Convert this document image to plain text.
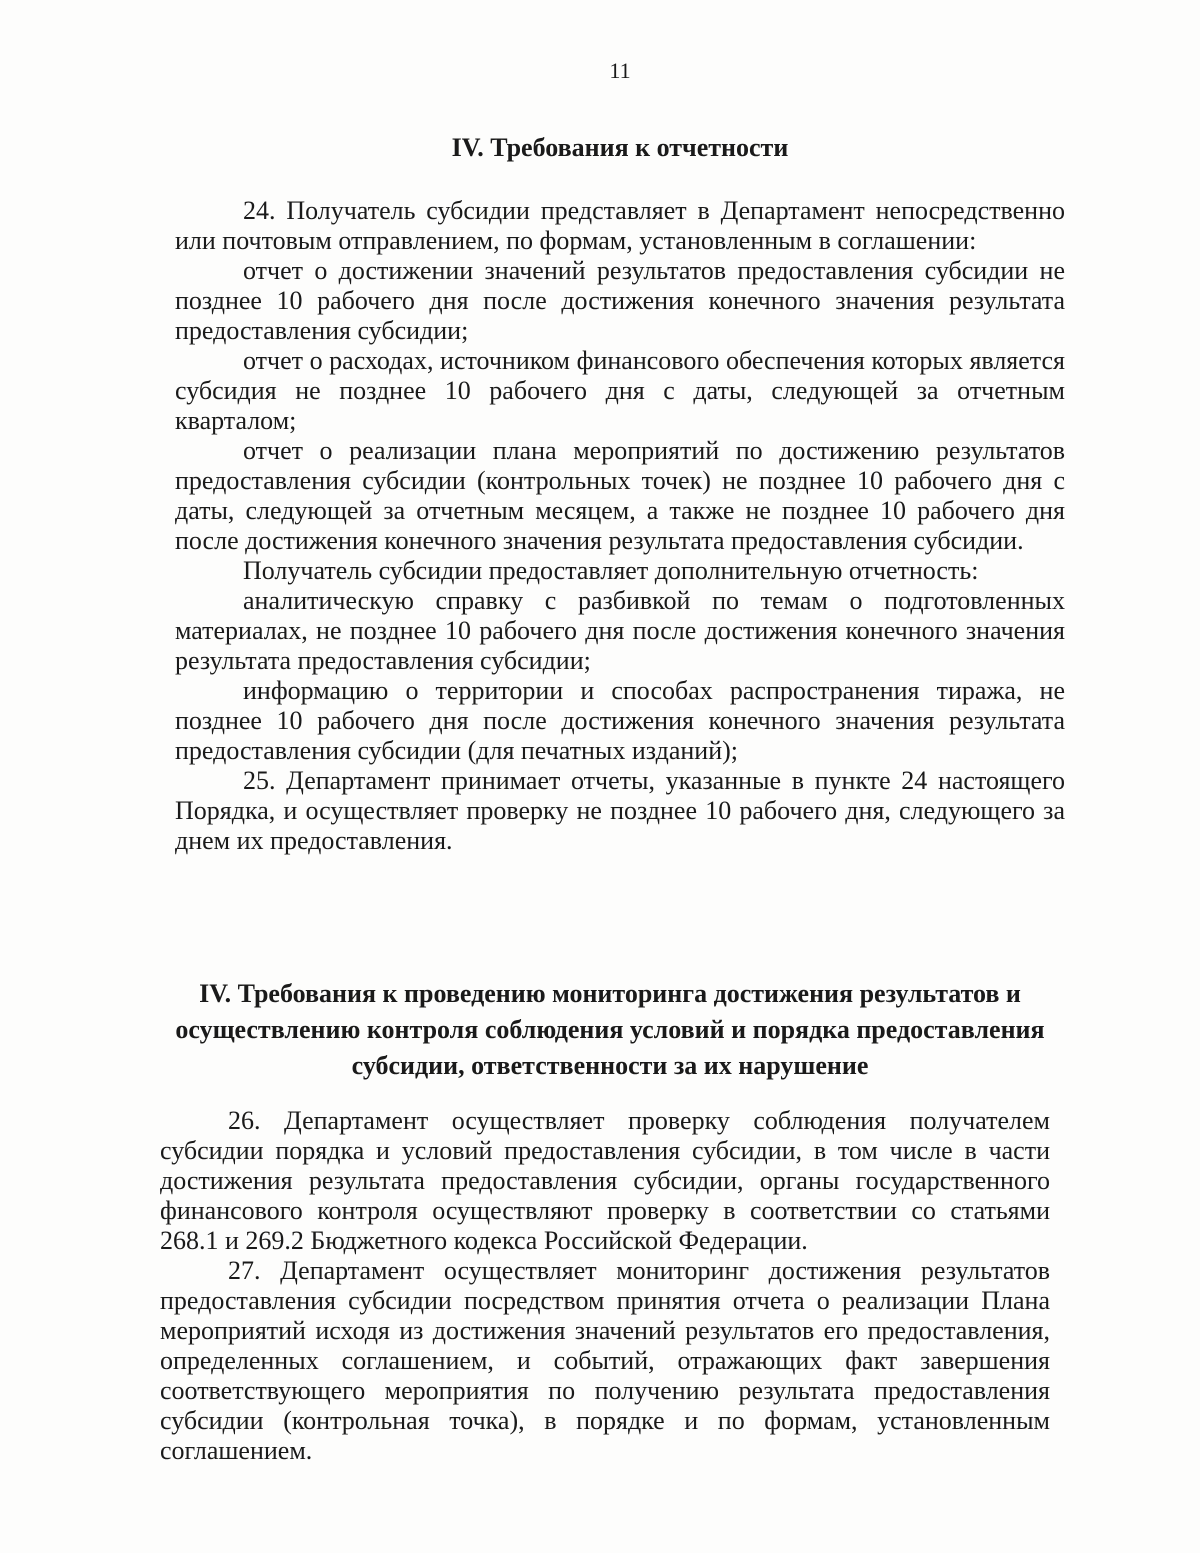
11
IV. Требования к отчетности

24. Получатель субсидии представляет в Департамент непосредственно или почтовым отправлением, по формам, установленным в соглашении:

отчет о достижении значений результатов предоставления субсидии не позднее 10 рабочего дня после достижения конечного значения результата предоставления субсидии;

отчет о расходах, источником финансового обеспечения которых является субсидия не позднее 10 рабочего дня с даты, следующей за отчетным кварталом;

отчет о реализации плана мероприятий по достижению результатов предоставления субсидии (контрольных точек) не позднее 10 рабочего дня с даты, следующей за отчетным месяцем, а также не позднее 10 рабочего дня после достижения конечного значения результата предоставления субсидии.

Получатель субсидии предоставляет дополнительную отчетность:

аналитическую справку с разбивкой по темам о подготовленных материалах, не позднее 10 рабочего дня после достижения конечного значения результата предоставления субсидии;

информацию о территории и способах распространения тиража, не позднее 10 рабочего дня после достижения конечного значения результата предоставления субсидии (для печатных изданий);

25. Департамент принимает отчеты, указанные в пункте 24 настоящего Порядка, и осуществляет проверку не позднее 10 рабочего дня, следующего за днем их предоставления.

IV. Требования к проведению мониторинга достижения результатов и осуществлению контроля соблюдения условий и порядка предоставления субсидии, ответственности за их нарушение

26. Департамент осуществляет проверку соблюдения получателем субсидии порядка и условий предоставления субсидии, в том числе в части достижения результата предоставления субсидии, органы государственного финансового контроля осуществляют проверку в соответствии со статьями 268.1 и 269.2 Бюджетного кодекса Российской Федерации.

27. Департамент осуществляет мониторинг достижения результатов предоставления субсидии посредством принятия отчета о реализации Плана мероприятий исходя из достижения значений результатов его предоставления, определенных соглашением, и событий, отражающих факт завершения соответствующего мероприятия по получению результата предоставления субсидии (контрольная точка), в порядке и по формам, установленным соглашением.
